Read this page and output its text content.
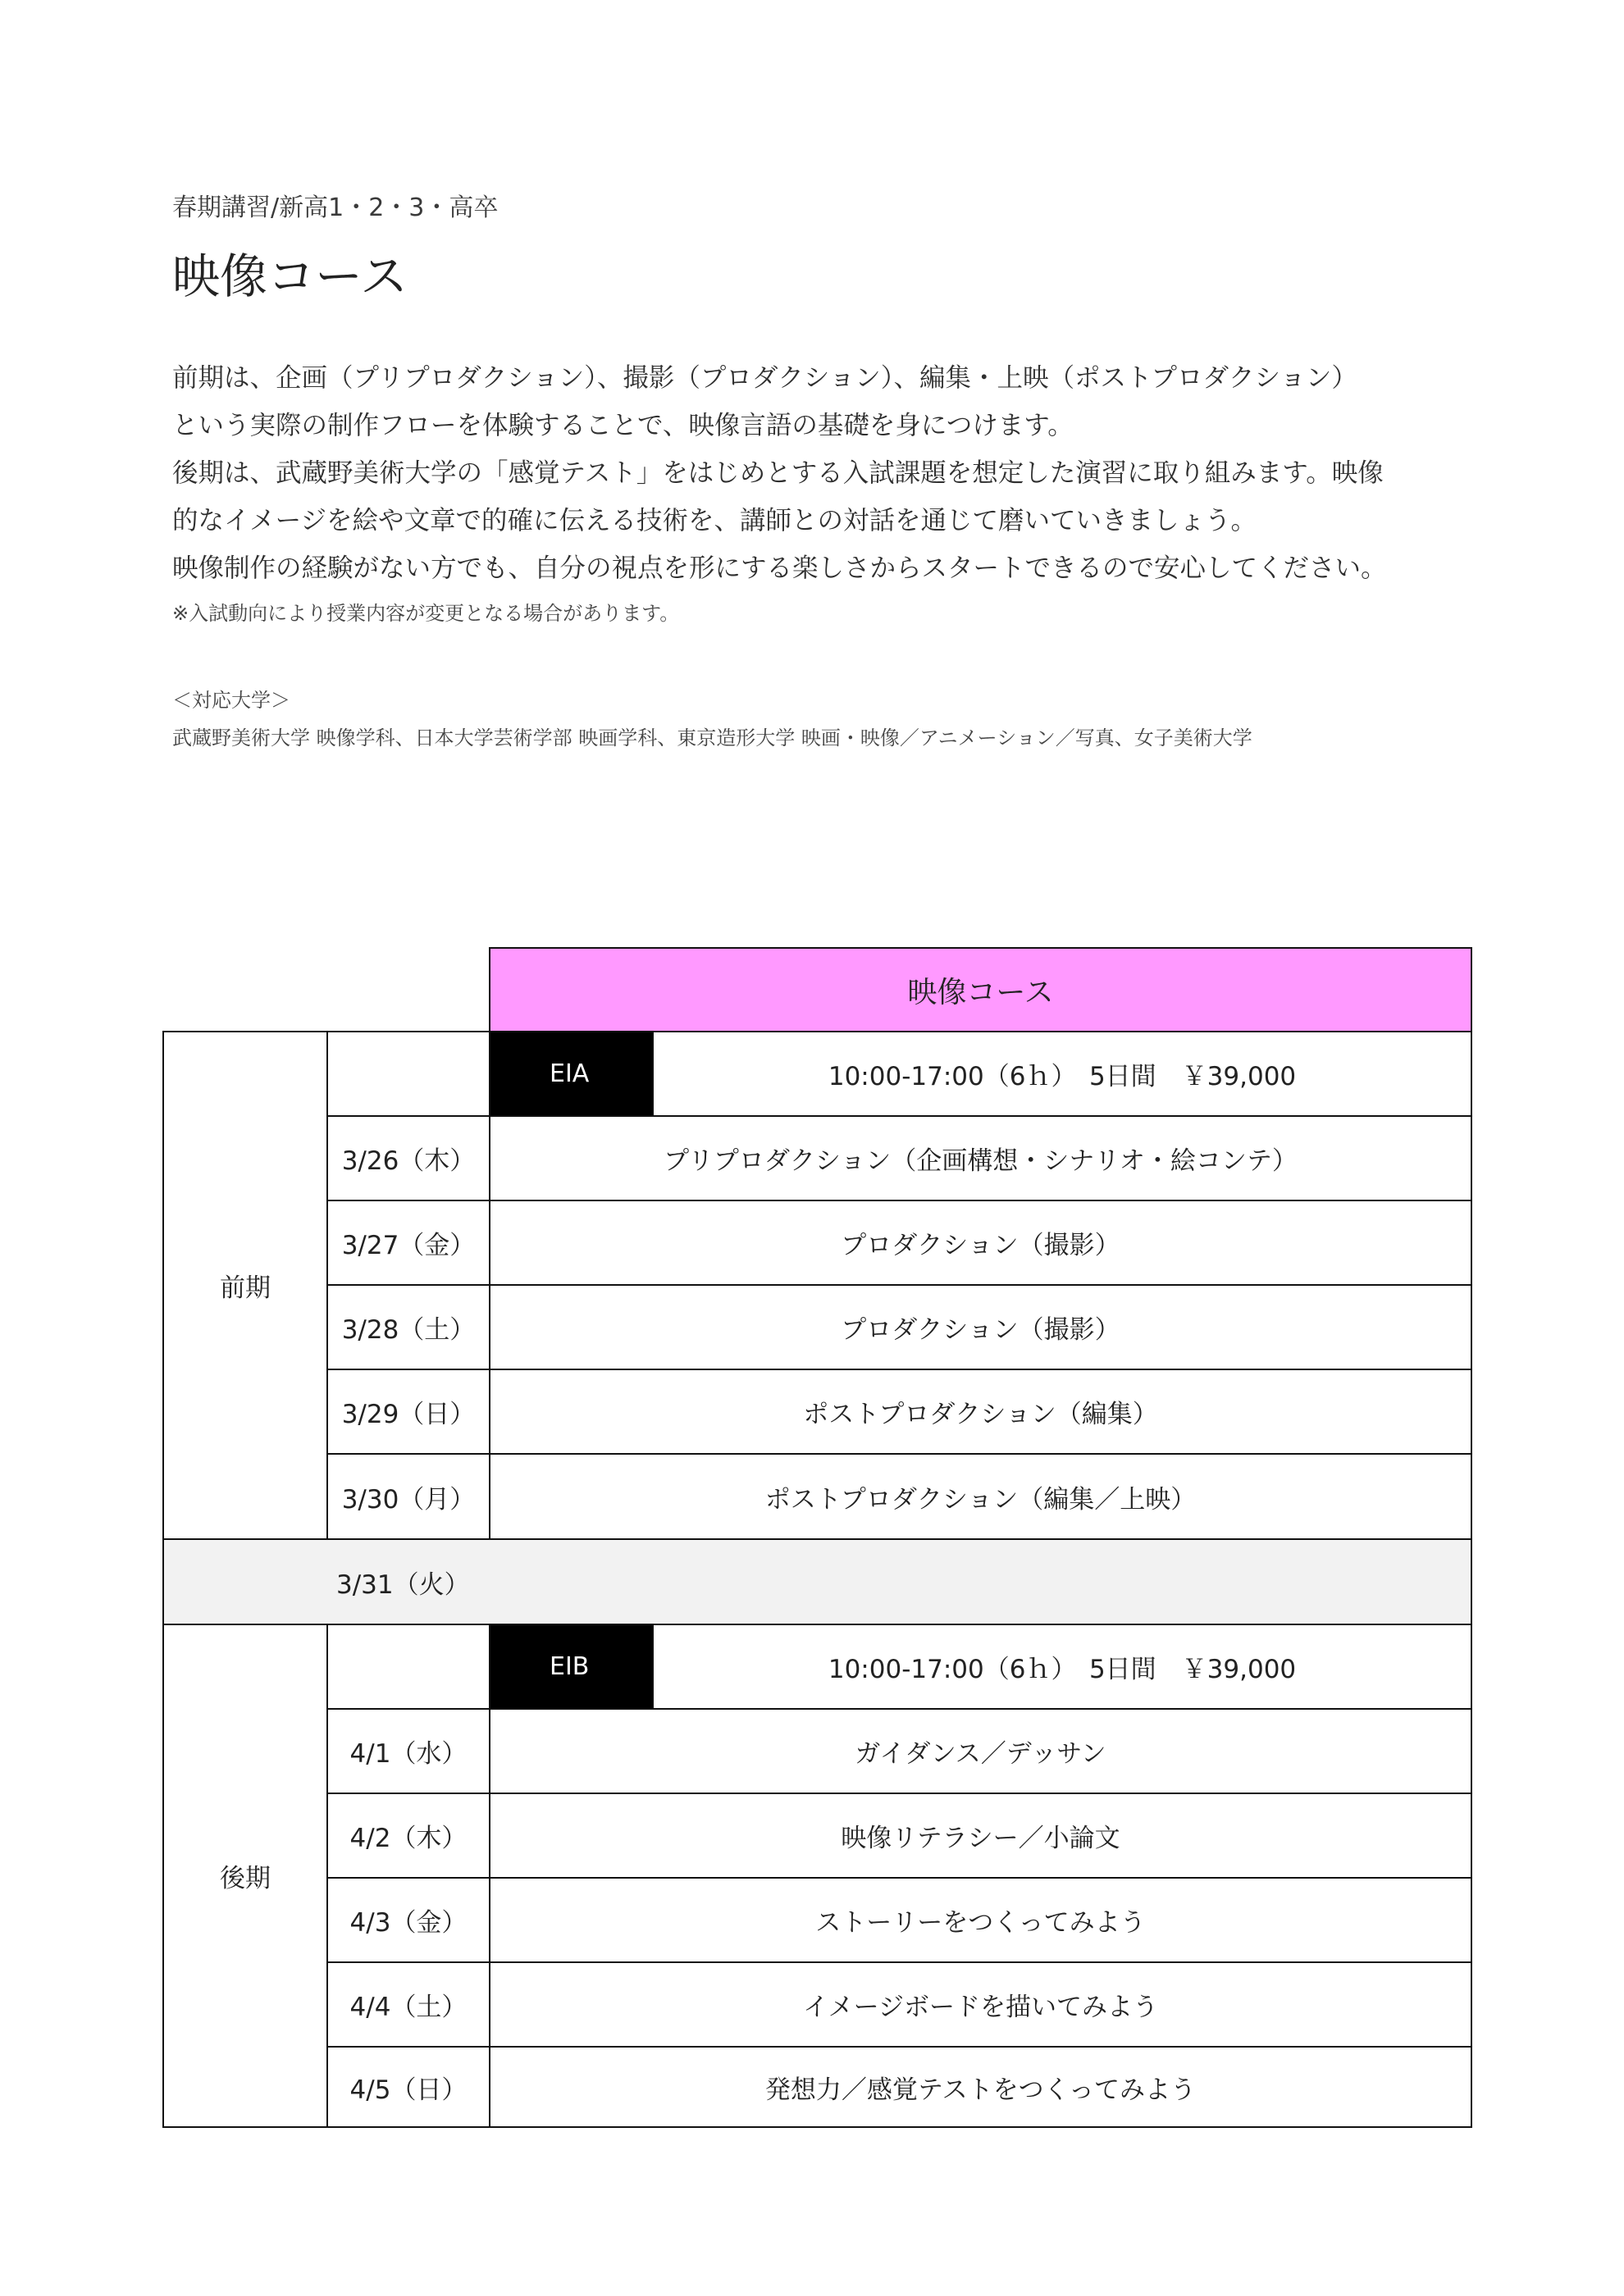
春期講習/新高1・2・3・高卒
映像コース

前期は、企画（プリプロダクション）、撮影（プロダクション）、編集・上映（ポストプロダクション）

という実際の制作フローを体験することで、映像言語の基礎を身につけます。

後期は、武蔵野美術大学の「感覚テスト」をはじめとする入試課題を想定した演習に取り組みます。映像

的なイメージを絵や文章で的確に伝える技術を、講師との対話を通じて磨いていきましょう。

映像制作の経験がない方でも、自分の視点を形にする楽しさからスタートできるので安心してください。

※入試動向により授業内容が変更となる場合があります。
＜対応大学＞
武蔵野美術大学 映像学科、日本大学芸術学部 映画学科、東京造形大学 映画・映像／アニメーション／写真、女子美術大学
映像コース
前期
EIA	10:00-17:00（6ｈ）　5日間　￥39,000
3/26（木）	プリプロダクション（企画構想・シナリオ・絵コンテ）
3/27（金）	プロダクション（撮影）
3/28（土）	プロダクション（撮影）
3/29（日）	ポストプロダクション（編集）
3/30（月）	ポストプロダクション（編集／上映）
3/31（火）
後期
EIB	10:00-17:00（6ｈ）　5日間　￥39,000
4/1（水）	ガイダンス／デッサン
4/2（木）	映像リテラシー／小論文
4/3（金）	ストーリーをつくってみよう
4/4（土）	イメージボードを描いてみよう
4/5（日）	発想力／感覚テストをつくってみよう
